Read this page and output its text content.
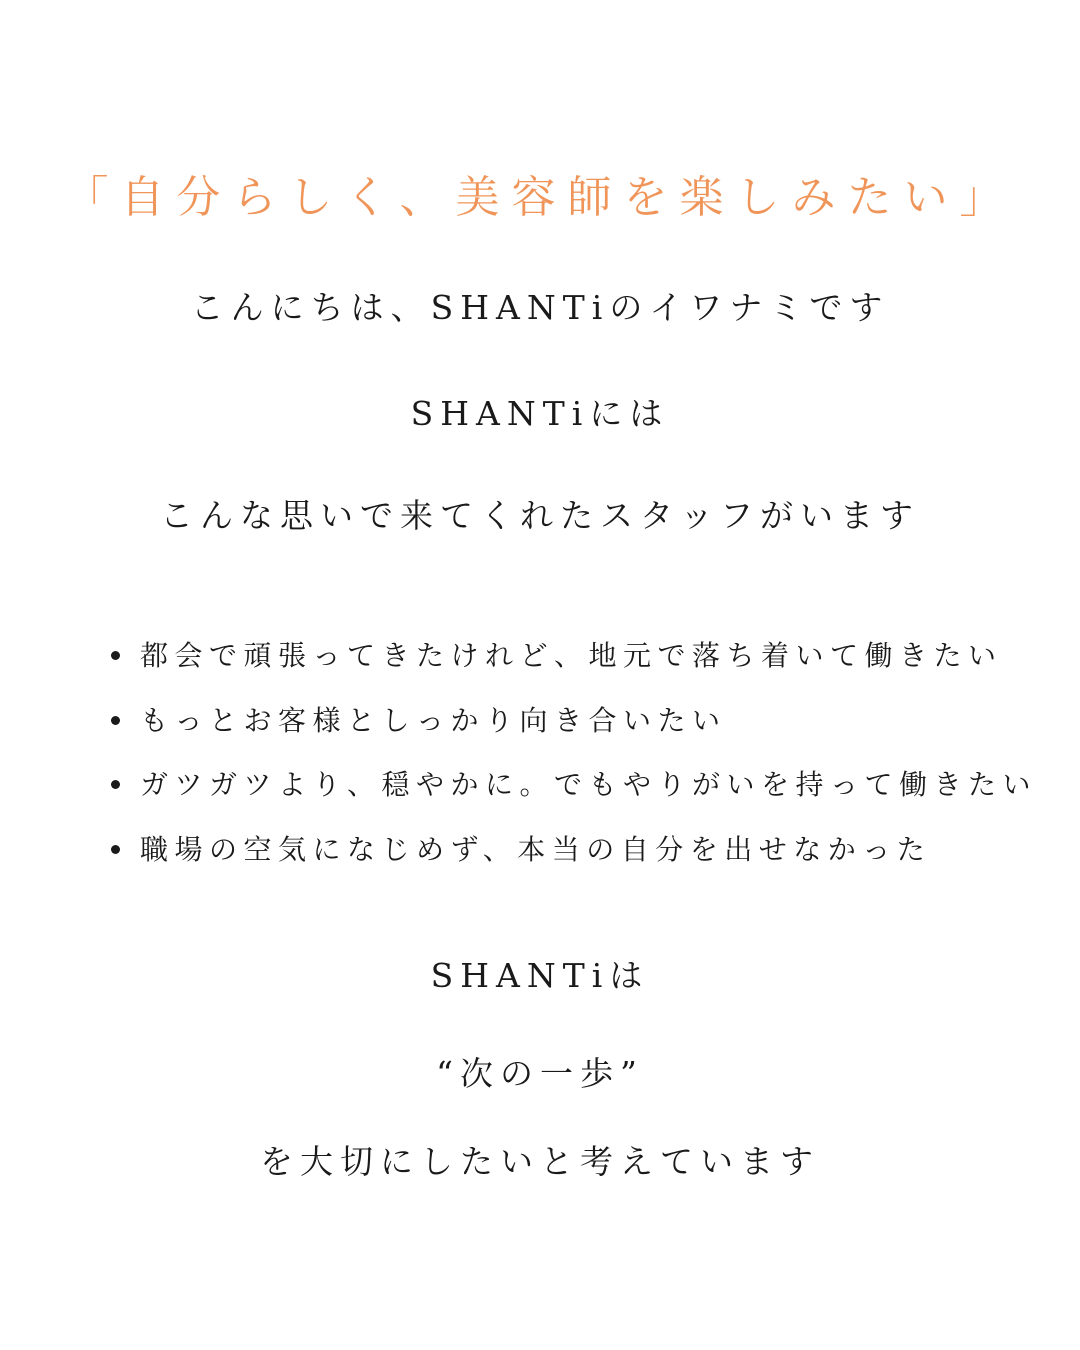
「自分らしく、美容師を楽しみたい」
こんにちは、SHANTiのイワナミです
SHANTiには
こんな思いで来てくれたスタッフがいます
都会で頑張ってきたけれど、地元で落ち着いて働きたい
もっとお客様としっかり向き合いたい
ガツガツより、穏やかに。でもやりがいを持って働きたい
職場の空気になじめず、本当の自分を出せなかった
SHANTiは
“次の一歩”
を大切にしたいと考えています
